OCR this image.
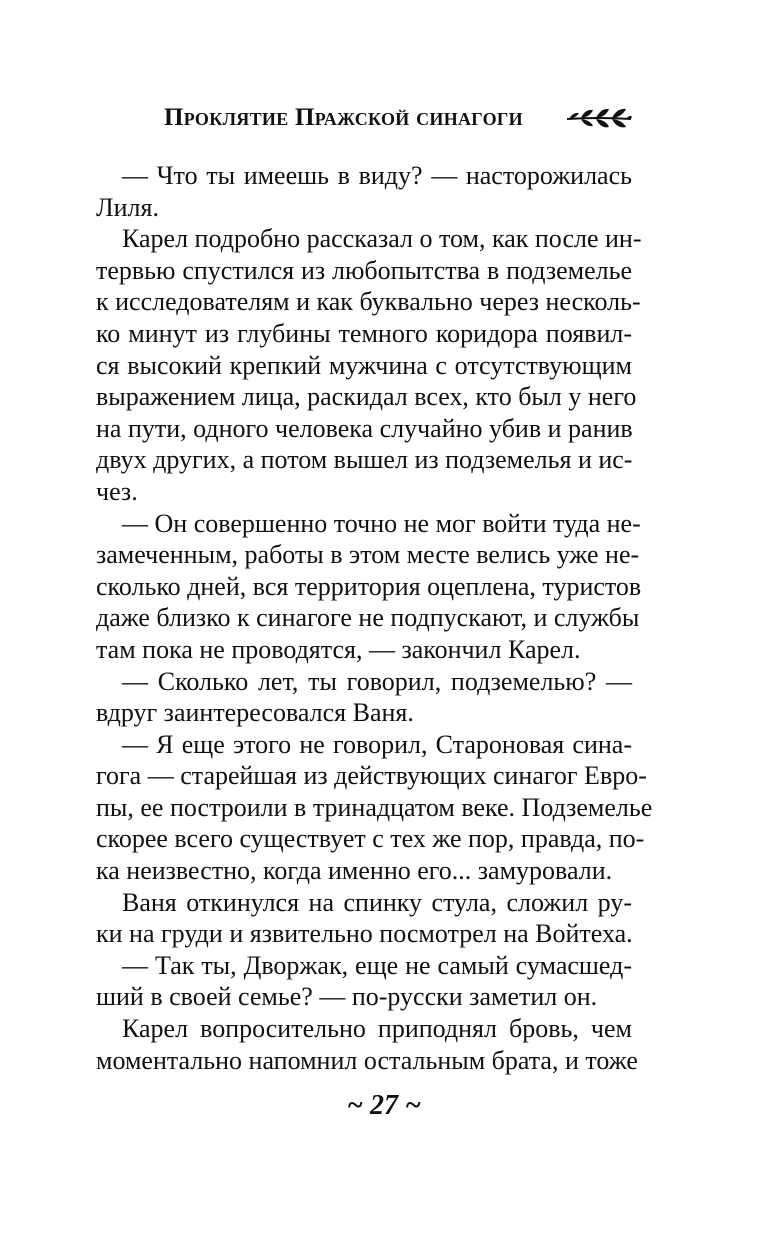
Проклятие Пражской синагоги
— Что ты имеешь в виду? — насторожилась
Лиля.
Карел подробно рассказал о том, как после ин-
тервью спустился из любопытства в подземелье
к исследователям и как буквально через несколь-
ко минут из глубины темного коридора появил-
ся высокий крепкий мужчина с отсутствующим
выражением лица, раскидал всех, кто был у него
на пути, одного человека случайно убив и ранив
двух других, а потом вышел из подземелья и ис-
чез.
— Он совершенно точно не мог войти туда не-
замеченным, работы в этом месте велись уже не-
сколько дней, вся территория оцеплена, туристов
даже близко к синагоге не подпускают, и службы
там пока не проводятся, — закончил Карел.
— Сколько лет, ты говорил, подземелью? —
вдруг заинтересовался Ваня.
— Я еще этого не говорил, Староновая сина-
гога — старейшая из действующих синагог Евро-
пы, ее построили в тринадцатом веке. Подземелье
скорее всего существует с тех же пор, правда, по-
ка неизвестно, когда именно его... замуровали.
Ваня откинулся на спинку стула, сложил ру-
ки на груди и язвительно посмотрел на Войтеха.
— Так ты, Дворжак, еще не самый сумасшед-
ший в своей семье? — по-русски заметил он.
Карел вопросительно приподнял бровь, чем
моментально напомнил остальным брата, и тоже
~ 27 ~
